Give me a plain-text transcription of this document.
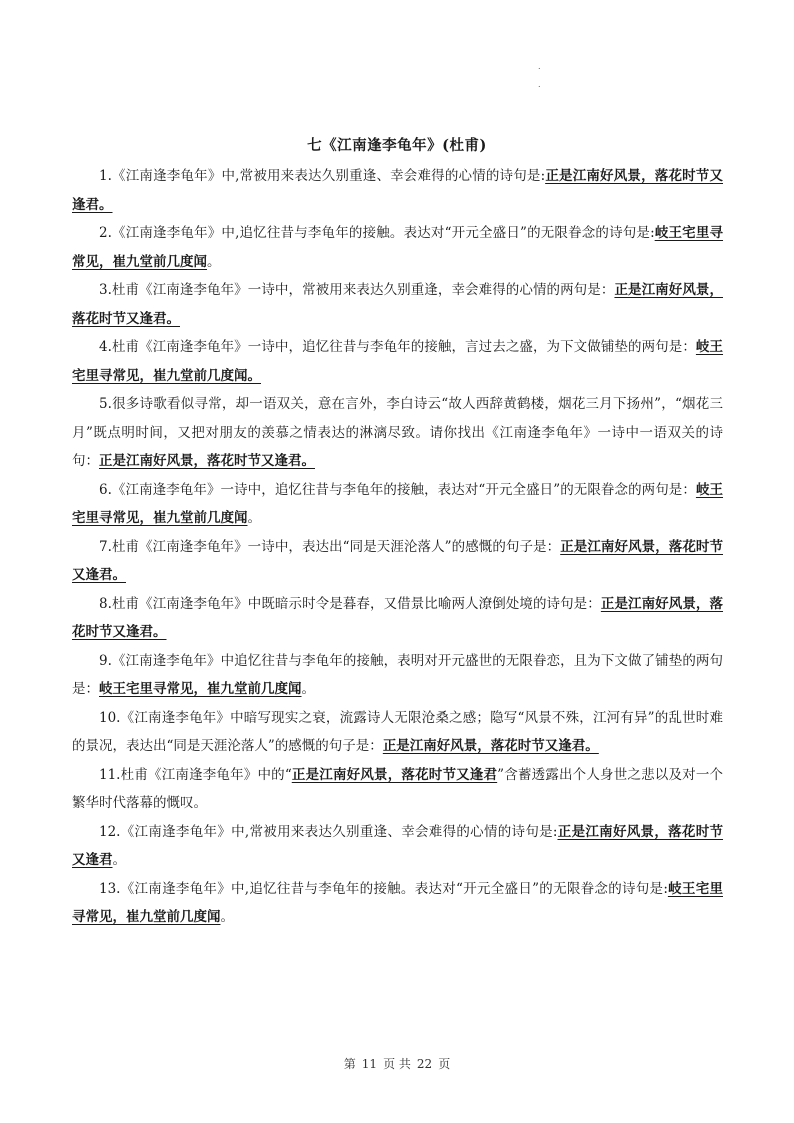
.
.
七《江南逢李龟年》(杜甫)

1.《江南逢李龟年》中,常被用来表达久别重逢、幸会难得的心情的诗句是:正是江南好风景，落花时节又逢君。

2.《江南逢李龟年》中,追忆往昔与李龟年的接触。表达对“开元全盛日”的无限眷念的诗句是:岐王宅里寻常见，崔九堂前几度闻。

3.杜甫《江南逢李龟年》一诗中，常被用来表达久别重逢，幸会难得的心情的两句是：正是江南好风景，落花时节又逢君。

4.杜甫《江南逢李龟年》一诗中，追忆往昔与李龟年的接触，言过去之盛，为下文做铺垫的两句是：岐王宅里寻常见，崔九堂前几度闻。

5.很多诗歌看似寻常，却一语双关，意在言外，李白诗云“故人西辞黄鹤楼，烟花三月下扬州”，“烟花三月”既点明时间，又把对朋友的羡慕之情表达的淋漓尽致。请你找出《江南逢李龟年》一诗中一语双关的诗句：正是江南好风景，落花时节又逢君。

6.《江南逢李龟年》一诗中，追忆往昔与李龟年的接触，表达对“开元全盛日”的无限眷念的两句是：岐王宅里寻常见，崔九堂前几度闻。

7.杜甫《江南逢李龟年》一诗中，表达出“同是天涯沦落人”的感慨的句子是：正是江南好风景，落花时节又逢君。

8.杜甫《江南逢李龟年》中既暗示时令是暮春，又借景比喻两人潦倒处境的诗句是：正是江南好风景，落花时节又逢君。

9.《江南逢李龟年》中追忆往昔与李龟年的接触，表明对开元盛世的无限眷恋，且为下文做了铺垫的两句是：岐王宅里寻常见，崔九堂前几度闻。

10.《江南逢李龟年》中暗写现实之衰，流露诗人无限沧桑之感；隐写“风景不殊，江河有异”的乱世时难的景况，表达出“同是天涯沦落人”的感慨的句子是：正是江南好风景，落花时节又逢君。

11.杜甫《江南逢李龟年》中的“正是江南好风景，落花时节又逢君”含蓄透露出个人身世之悲以及对一个繁华时代落幕的慨叹。

12.《江南逢李龟年》中,常被用来表达久别重逢、幸会难得的心情的诗句是:正是江南好风景，落花时节又逢君。

13.《江南逢李龟年》中,追忆往昔与李龟年的接触。表达对“开元全盛日”的无限眷念的诗句是:岐王宅里寻常见，崔九堂前几度闻。

第 11 页 共 22 页
